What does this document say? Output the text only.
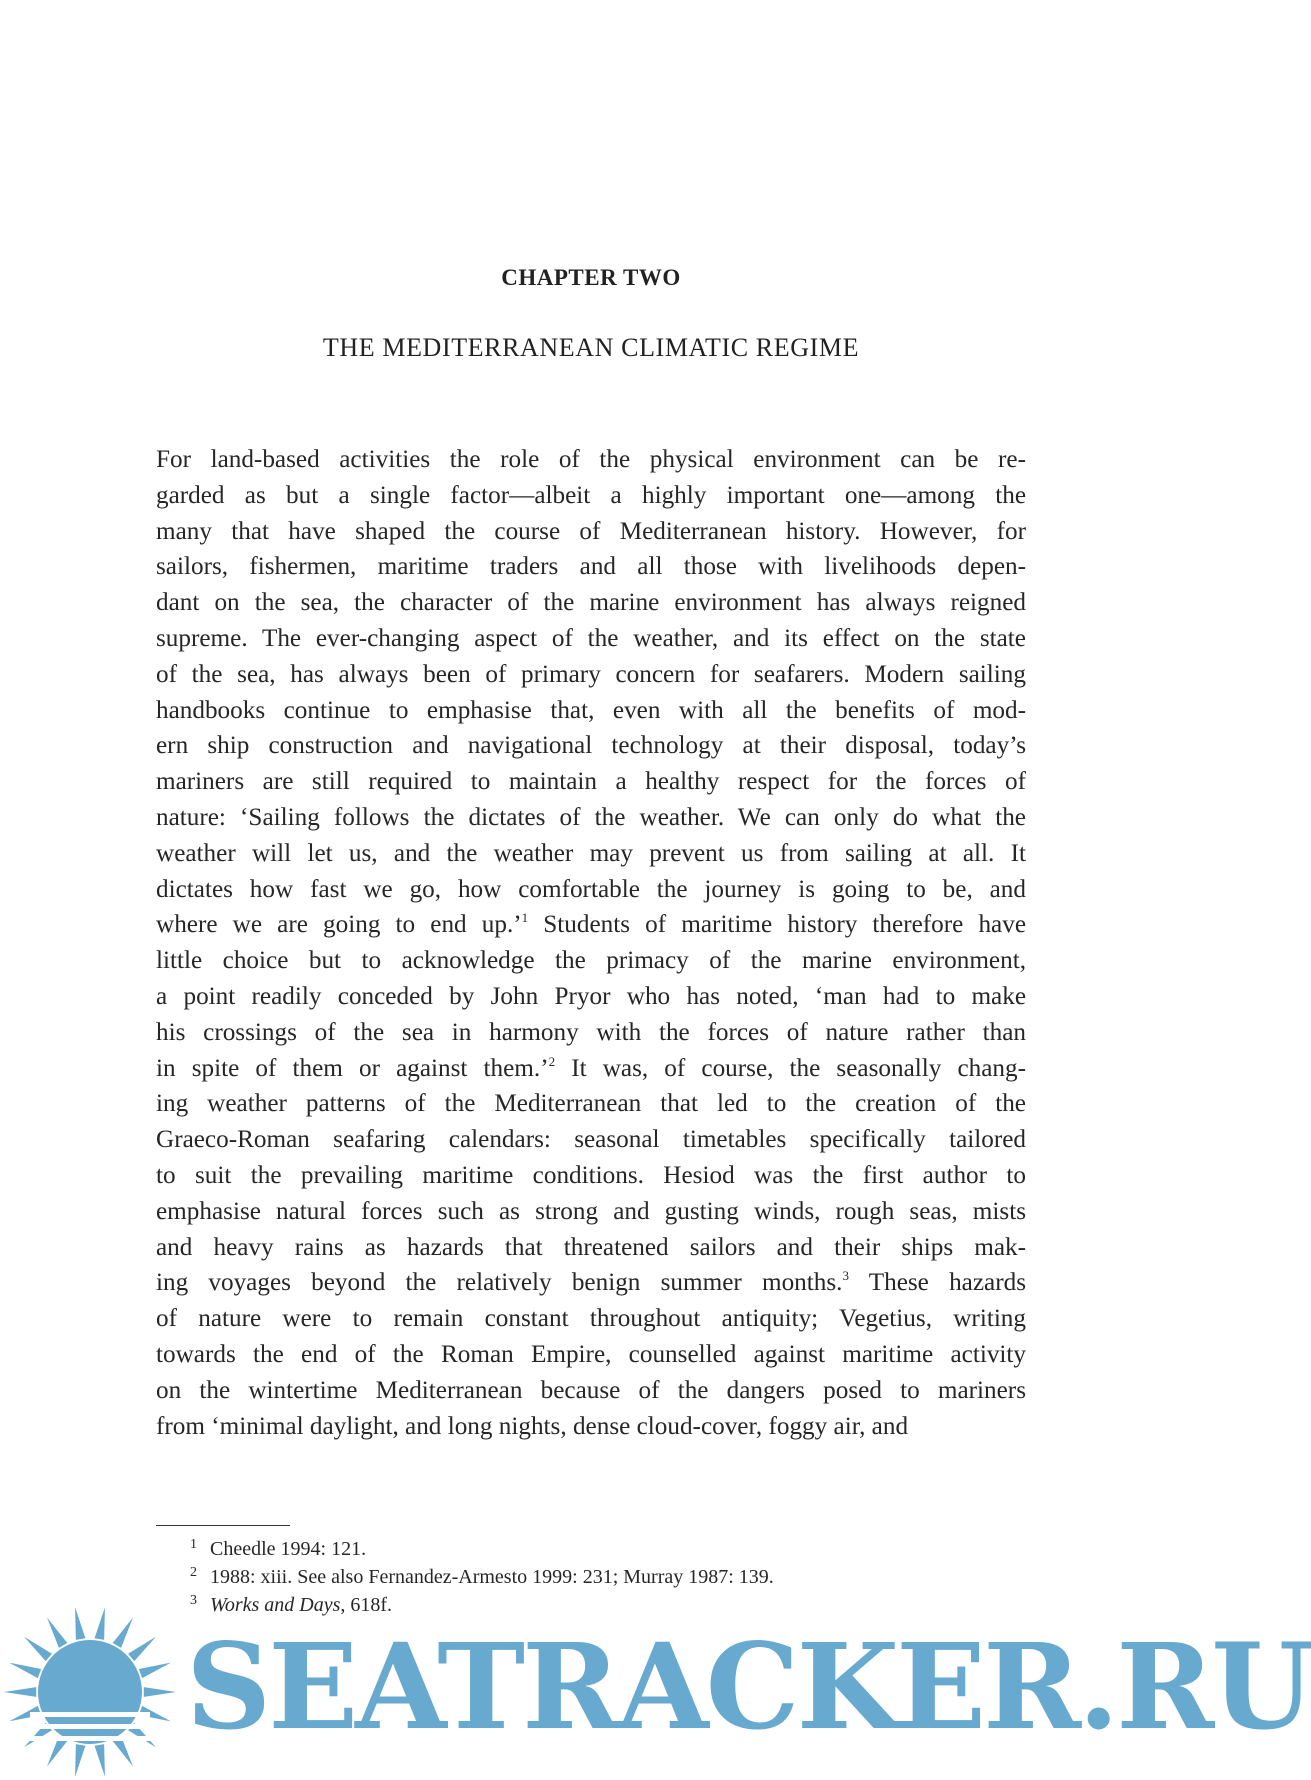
CHAPTER TWO
THE MEDITERRANEAN CLIMATIC REGIME
For land-based activities the role of the physical environment can be re-
garded as but a single factor—albeit a highly important one—among the
many that have shaped the course of Mediterranean history. However, for
sailors, fishermen, maritime traders and all those with livelihoods depen-
dant on the sea, the character of the marine environment has always reigned
supreme. The ever-changing aspect of the weather, and its effect on the state
of the sea, has always been of primary concern for seafarers. Modern sailing
handbooks continue to emphasise that, even with all the benefits of mod-
ern ship construction and navigational technology at their disposal, today’s
mariners are still required to maintain a healthy respect for the forces of
nature: ‘Sailing follows the dictates of the weather. We can only do what the
weather will let us, and the weather may prevent us from sailing at all. It
dictates how fast we go, how comfortable the journey is going to be, and
where we are going to end up.’$^1$ Students of maritime history therefore have
little choice but to acknowledge the primacy of the marine environment,
a point readily conceded by John Pryor who has noted, ‘man had to make
his crossings of the sea in harmony with the forces of nature rather than
in spite of them or against them.’$^2$ It was, of course, the seasonally chang-
ing weather patterns of the Mediterranean that led to the creation of the
Graeco-Roman seafaring calendars: seasonal timetables specifically tailored
to suit the prevailing maritime conditions. Hesiod was the first author to
emphasise natural forces such as strong and gusting winds, rough seas, mists
and heavy rains as hazards that threatened sailors and their ships mak-
ing voyages beyond the relatively benign summer months.$^3$ These hazards
of nature were to remain constant throughout antiquity; Vegetius, writing
towards the end of the Roman Empire, counselled against maritime activity
on the wintertime Mediterranean because of the dangers posed to mariners
from ‘minimal daylight, and long nights, dense cloud-cover, foggy air, and
1 Cheedle 1994: 121.
2 1988: xiii. See also Fernandez-Armesto 1999: 231; Murray 1987: 139.
3 Works and Days, 618f.
SEATRACKER.RU
